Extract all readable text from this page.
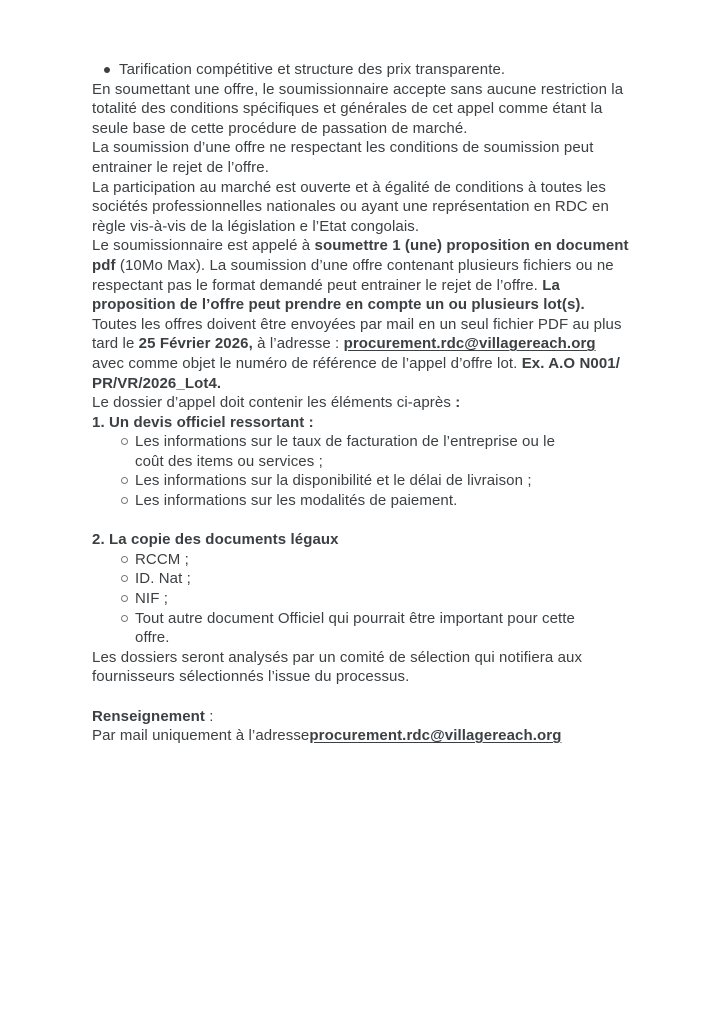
Tarification compétitive et structure des prix transparente.
En soumettant une offre, le soumissionnaire accepte sans aucune restriction la
totalité des conditions spécifiques et générales de cet appel comme étant la
seule base de cette procédure de passation de marché.
La soumission d’une offre ne respectant les conditions de soumission peut
entrainer le rejet de l’offre.
La participation au marché est ouverte et à égalité de conditions à toutes les
sociétés professionnelles nationales ou ayant une représentation en RDC en
règle vis-à-vis de la législation e l’Etat congolais.
Le soumissionnaire est appelé à soumettre 1 (une) proposition en document
pdf (10Mo Max). La soumission d’une offre contenant plusieurs fichiers ou ne
respectant pas le format demandé peut entrainer le rejet de l’offre. La
proposition de l’offre peut prendre en compte un ou plusieurs lot(s).
Toutes les offres doivent être envoyées par mail en un seul fichier PDF au plus
tard le 25 Février 2026, à l’adresse : procurement.rdc@villagereach.org
avec comme objet le numéro de référence de l’appel d’offre lot. Ex. A.O N001/
PR/VR/2026_Lot4.
Le dossier d’appel doit contenir les éléments ci-après :
1. Un devis officiel ressortant :
Les informations sur le taux de facturation de l’entreprise ou le
coût des items ou services ;
Les informations sur la disponibilité et le délai de livraison ;
Les informations sur les modalités de paiement.
2. La copie des documents légaux
RCCM ;
ID. Nat ;
NIF ;
Tout autre document Officiel qui pourrait être important pour cette
offre.
Les dossiers seront analysés par un comité de sélection qui notifiera aux
fournisseurs sélectionnés l’issue du processus.
Renseignement :
Par mail uniquement à l’adresseprocurement.rdc@villagereach.org
